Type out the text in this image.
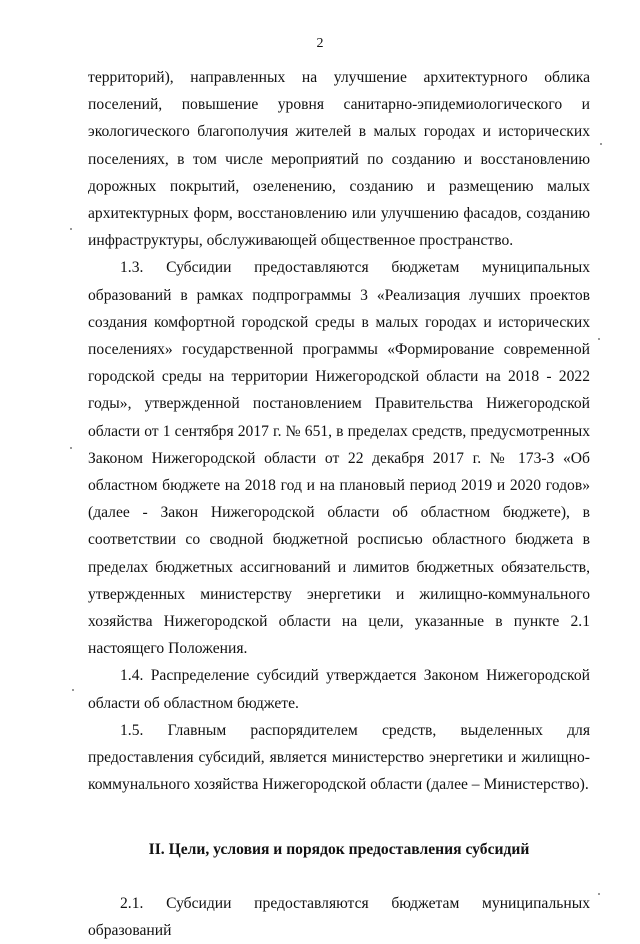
2

территорий), направленных на улучшение архитектурного облика поселений, повышение уровня санитарно-эпидемиологического и экологического благополучия жителей в малых городах и исторических поселениях, в том числе мероприятий по созданию и восстановлению дорожных покрытий, озеленению, созданию и размещению малых архитектурных форм, восстановлению или улучшению фасадов, созданию инфраструктуры, обслуживающей общественное пространство.

1.3. Субсидии предоставляются бюджетам муниципальных образований в рамках подпрограммы 3 «Реализация лучших проектов создания комфортной городской среды в малых городах и исторических поселениях» государственной программы «Формирование современной городской среды на территории Нижегородской области на 2018 - 2022 годы», утвержденной постановлением Правительства Нижегородской области от 1 сентября 2017 г. № 651, в пределах средств, предусмотренных Законом Нижегородской области от 22 декабря 2017 г. № 173-З «Об областном бюджете на 2018 год и на плановый период 2019 и 2020 годов» (далее - Закон Нижегородской области об областном бюджете), в соответствии со сводной бюджетной росписью областного бюджета в пределах бюджетных ассигнований и лимитов бюджетных обязательств, утвержденных министерству энергетики и жилищно-коммунального хозяйства Нижегородской области на цели, указанные в пункте 2.1 настоящего Положения.

1.4. Распределение субсидий утверждается Законом Нижегородской области об областном бюджете.

1.5. Главным распорядителем средств, выделенных для предоставления субсидий, является министерство энергетики и жилищно-коммунального хозяйства Нижегородской области (далее – Министерство).

II. Цели, условия и порядок предоставления субсидий

2.1. Субсидии предоставляются бюджетам муниципальных образований
